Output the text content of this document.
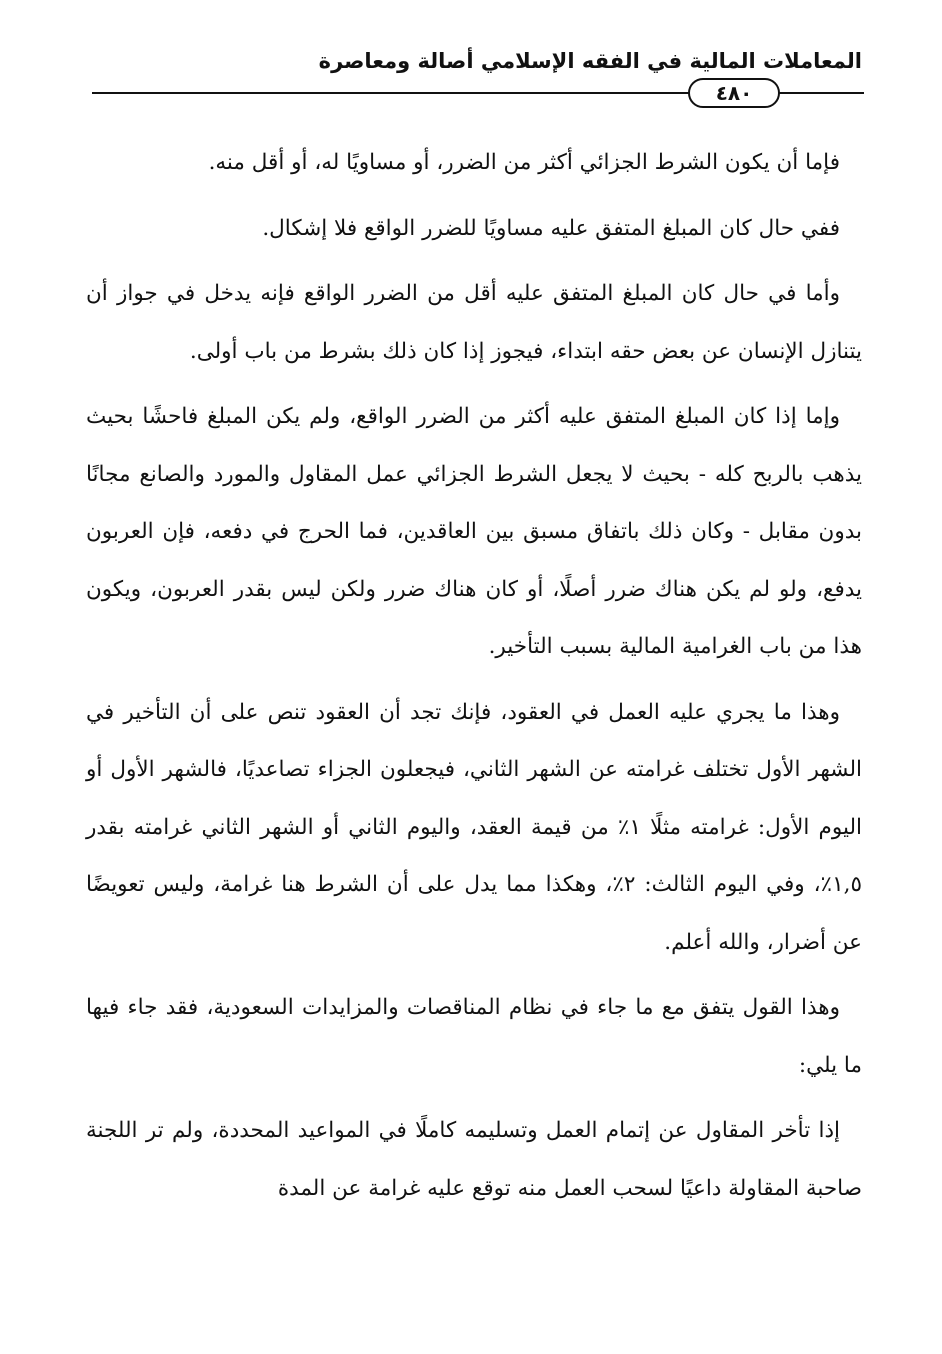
المعاملات المالية في الفقه الإسلامي أصالة ومعاصرة
٤٨٠

فإما أن يكون الشرط الجزائي أكثر من الضرر، أو مساويًا له، أو أقل منه.

ففي حال كان المبلغ المتفق عليه مساويًا للضرر الواقع فلا إشكال.

وأما في حال كان المبلغ المتفق عليه أقل من الضرر الواقع فإنه يدخل في جواز أن يتنازل الإنسان عن بعض حقه ابتداء، فيجوز إذا كان ذلك بشرط من باب أولى.

وإما إذا كان المبلغ المتفق عليه أكثر من الضرر الواقع، ولم يكن المبلغ فاحشًا بحيث يذهب بالربح كله - بحيث لا يجعل الشرط الجزائي عمل المقاول والمورد والصانع مجانًا بدون مقابل - وكان ذلك باتفاق مسبق بين العاقدين، فما الحرج في دفعه، فإن العربون يدفع، ولو لم يكن هناك ضرر أصلًا، أو كان هناك ضرر ولكن ليس بقدر العربون، ويكون هذا من باب الغرامية المالية بسبب التأخير.

وهذا ما يجري عليه العمل في العقود، فإنك تجد أن العقود تنص على أن التأخير في الشهر الأول تختلف غرامته عن الشهر الثاني، فيجعلون الجزاء تصاعديًا، فالشهر الأول أو اليوم الأول: غرامته مثلًا ١٪ من قيمة العقد، واليوم الثاني أو الشهر الثاني غرامته بقدر ١,٥٪، وفي اليوم الثالث: ٢٪، وهكذا مما يدل على أن الشرط هنا غرامة، وليس تعويضًا عن أضرار، والله أعلم.

وهذا القول يتفق مع ما جاء في نظام المناقصات والمزايدات السعودية، فقد جاء فيها ما يلي:

إذا تأخر المقاول عن إتمام العمل وتسليمه كاملًا في المواعيد المحددة، ولم تر اللجنة صاحبة المقاولة داعيًا لسحب العمل منه توقع عليه غرامة عن المدة
